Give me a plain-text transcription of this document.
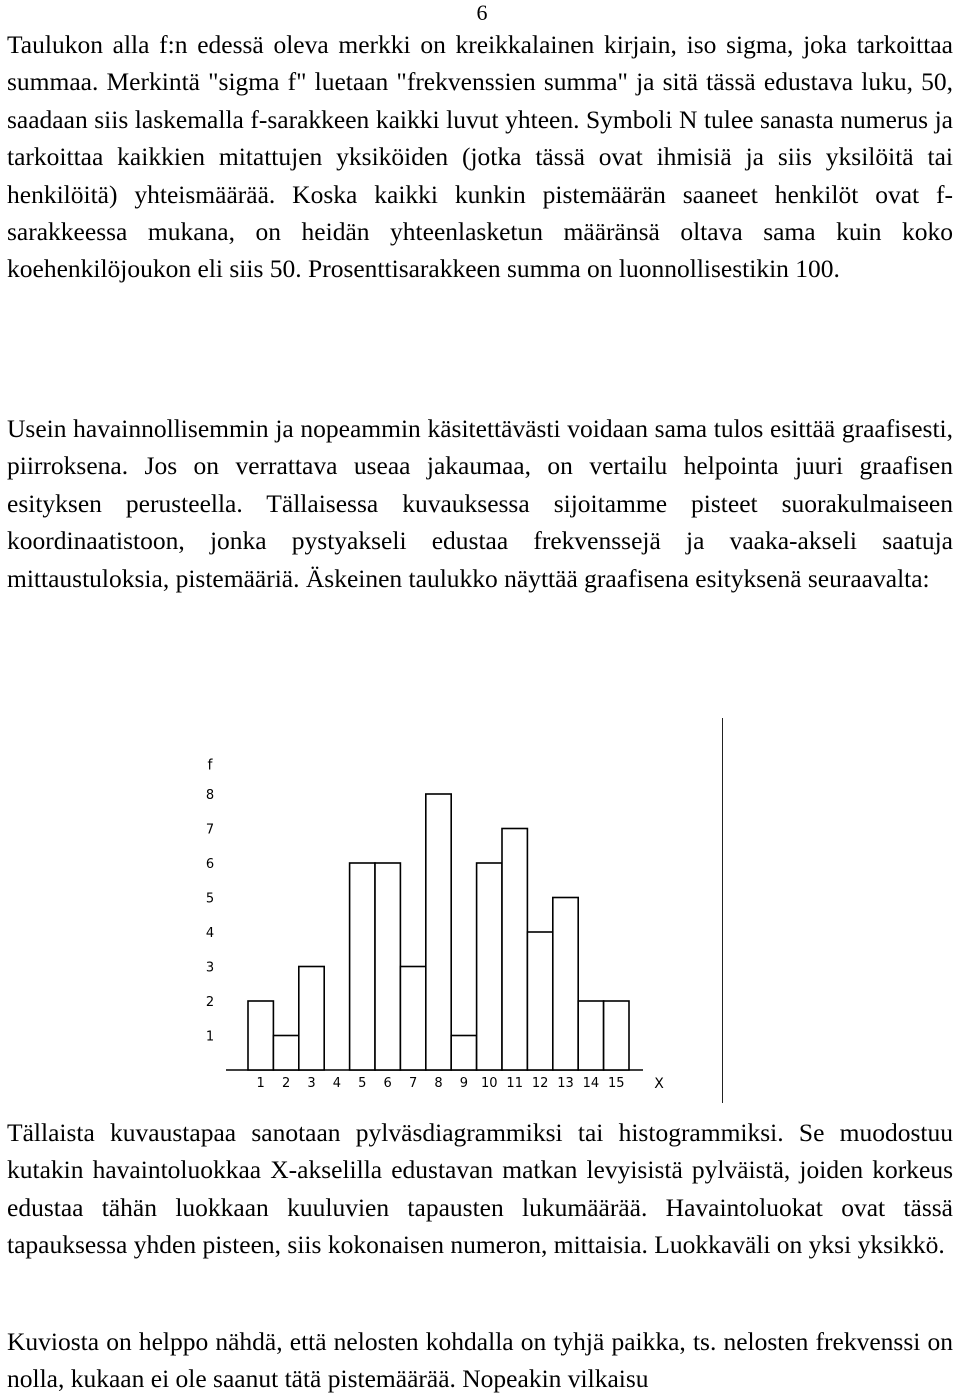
6

Taulukon alla f:n edessä oleva merkki on kreikkalainen kirjain, iso sigma, joka tarkoittaa summaa. Merkintä "sigma f" luetaan "frekvenssien summa" ja sitä tässä edustava luku, 50, saadaan siis laskemalla f-sarakkeen kaikki luvut yhteen. Symboli N tulee sanasta numerus ja tarkoittaa kaikkien mitattujen yksiköiden (jotka tässä ovat ihmisiä ja siis yksilöitä tai henkilöitä) yhteismäärää. Koska kaikki kunkin pistemäärän saaneet henkilöt ovat f-sarakkeessa mukana, on heidän yhteenlasketun määränsä oltava sama kuin koko koehenkilöjoukon eli siis 50. Prosenttisarakkeen summa on luonnollisestikin 100.

Usein havainnollisemmin ja nopeammin käsitettävästi voidaan sama tulos esittää graafisesti, piirroksena. Jos on verrattava useaa jakaumaa, on vertailu helpointa juuri graafisen esityksen perusteella. Tällaisessa kuvauksessa sijoitamme pisteet suorakulmaiseen koordinaatistoon, jonka pystyakseli edustaa frekvenssejä ja vaaka-akseli saatuja mittaustuloksia, pistemääriä. Äskeinen taulukko näyttää graafisena esityksenä seuraavalta:

1 2 3 4 5 6 7 8 9 10 11 12 13 14 15
1
2
3
4
5
6
7
8
f
X

Tällaista kuvaustapaa sanotaan pylväsdiagrammiksi tai histogrammiksi. Se muodostuu kutakin havaintoluokkaa X-akselilla edustavan matkan levyisistä pylväistä, joiden korkeus edustaa tähän luokkaan kuuluvien tapausten lukumäärää. Havaintoluokat ovat tässä tapauksessa yhden pisteen, siis kokonaisen numeron, mittaisia. Luokkaväli on yksi yksikkö.

Kuviosta on helppo nähdä, että nelosten kohdalla on tyhjä paikka, ts. nelosten frekvenssi on nolla, kukaan ei ole saanut tätä pistemäärää. Nopeakin vilkaisu
